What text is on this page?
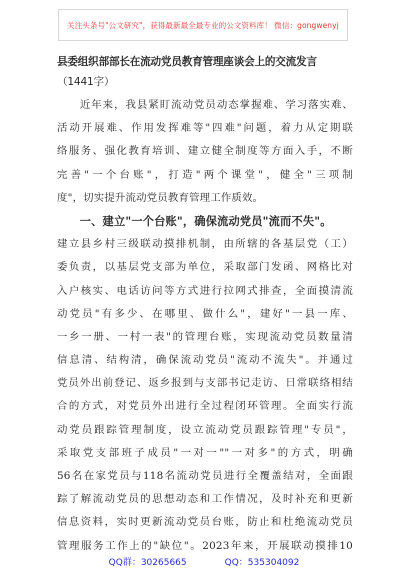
关注头条号"公文研究"，获得最新最全最专业的公文资料库！ 微信：gongwenyj
县委组织部部长在流动党员教育管理座谈会上的交流发言
（1441字）
　　近年来，我县紧盯流动党员动态掌握难、学习落实难、
活动开展难、作用发挥难等"四难"问题，着力从定期联
络服务、强化教育培训、建立健全制度等方面入手，不断
完善"一个台账"，打造"两个课堂"，健全"三项制
度"，切实提升流动党员教育管理工作质效。
　　一、建立"一个台账"，确保流动党员"流而不失"。
建立县乡村三级联动摸排机制，由所辖的各基层党（工）
委负责，以基层党支部为单位，采取部门发函、网格比对
入户核实、电话访问等方式进行拉网式排查，全面摸清流
动党员"有多少、在哪里、做什么"，建好"一县一库、
一乡一册、一村一表"的管理台账，实现流动党员数量清
信息清、结构清，确保流动党员"流动不流失"。并通过
党员外出前登记、返乡报到与支部书记走访、日常联络相结
合的方式，对党员外出进行全过程闭环管理。全面实行流
动党员跟踪管理制度，设立流动党员跟踪管理"专员"，
采取党支部班子成员"一对一""一对多"的方式，明确
56名在家党员与118名流动党员进行全覆盖结对，全面跟
踪了解流动党员的思想动态和工作情况，及时补充和更新
信息资料，实时更新流动党员台账，防止和杜绝流动党员
管理服务工作上的"缺位"。2023年来，开展联动摸排10
QQ群：30265665	QQ：535304092
